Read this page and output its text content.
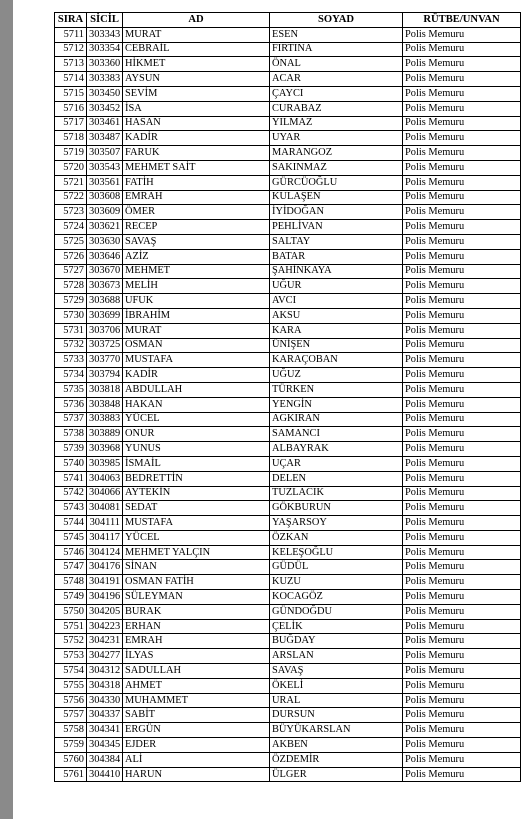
SIRA	SİCİL	AD	SOYAD	RÜTBE/UNVAN
5711	303343	MURAT	ESEN	Polis Memuru
5712	303354	CEBRAİL	FIRTINA	Polis Memuru
5713	303360	HİKMET	ÖNAL	Polis Memuru
5714	303383	AYSUN	ACAR	Polis Memuru
5715	303450	SEVİM	ÇAYCI	Polis Memuru
5716	303452	İSA	CURABAZ	Polis Memuru
5717	303461	HASAN	YILMAZ	Polis Memuru
5718	303487	KADİR	UYAR	Polis Memuru
5719	303507	FARUK	MARANGOZ	Polis Memuru
5720	303543	MEHMET SAİT	SAKINMAZ	Polis Memuru
5721	303561	FATİH	GÜRCÜOĞLU	Polis Memuru
5722	303608	EMRAH	KULAŞEN	Polis Memuru
5723	303609	ÖMER	İYİDOĞAN	Polis Memuru
5724	303621	RECEP	PEHLİVAN	Polis Memuru
5725	303630	SAVAŞ	SALTAY	Polis Memuru
5726	303646	AZİZ	BATAR	Polis Memuru
5727	303670	MEHMET	ŞAHİNKAYA	Polis Memuru
5728	303673	MELİH	UĞUR	Polis Memuru
5729	303688	UFUK	AVCI	Polis Memuru
5730	303699	İBRAHİM	AKSU	Polis Memuru
5731	303706	MURAT	KARA	Polis Memuru
5732	303725	OSMAN	ÜNİŞEN	Polis Memuru
5733	303770	MUSTAFA	KARAÇOBAN	Polis Memuru
5734	303794	KADİR	UĞUZ	Polis Memuru
5735	303818	ABDULLAH	TÜRKEN	Polis Memuru
5736	303848	HAKAN	YENGİN	Polis Memuru
5737	303883	YÜCEL	AGKIRAN	Polis Memuru
5738	303889	ONUR	SAMANCI	Polis Memuru
5739	303968	YUNUS	ALBAYRAK	Polis Memuru
5740	303985	İSMAİL	UÇAR	Polis Memuru
5741	304063	BEDRETTİN	DELEN	Polis Memuru
5742	304066	AYTEKİN	TUZLACIK	Polis Memuru
5743	304081	SEDAT	GÖKBURUN	Polis Memuru
5744	304111	MUSTAFA	YAŞARSOY	Polis Memuru
5745	304117	YÜCEL	ÖZKAN	Polis Memuru
5746	304124	MEHMET YALÇIN	KELEŞOĞLU	Polis Memuru
5747	304176	SİNAN	GÜDÜL	Polis Memuru
5748	304191	OSMAN FATİH	KUZU	Polis Memuru
5749	304196	SÜLEYMAN	KOCAGÖZ	Polis Memuru
5750	304205	BURAK	GÜNDOĞDU	Polis Memuru
5751	304223	ERHAN	ÇELİK	Polis Memuru
5752	304231	EMRAH	BUĞDAY	Polis Memuru
5753	304277	İLYAS	ARSLAN	Polis Memuru
5754	304312	SADULLAH	SAVAŞ	Polis Memuru
5755	304318	AHMET	ÖKELİ	Polis Memuru
5756	304330	MUHAMMET	URAL	Polis Memuru
5757	304337	SABİT	DURSUN	Polis Memuru
5758	304341	ERGÜN	BÜYÜKARSLAN	Polis Memuru
5759	304345	EJDER	AKBEN	Polis Memuru
5760	304384	ALİ	ÖZDEMİR	Polis Memuru
5761	304410	HARUN	ÜLGER	Polis Memuru
